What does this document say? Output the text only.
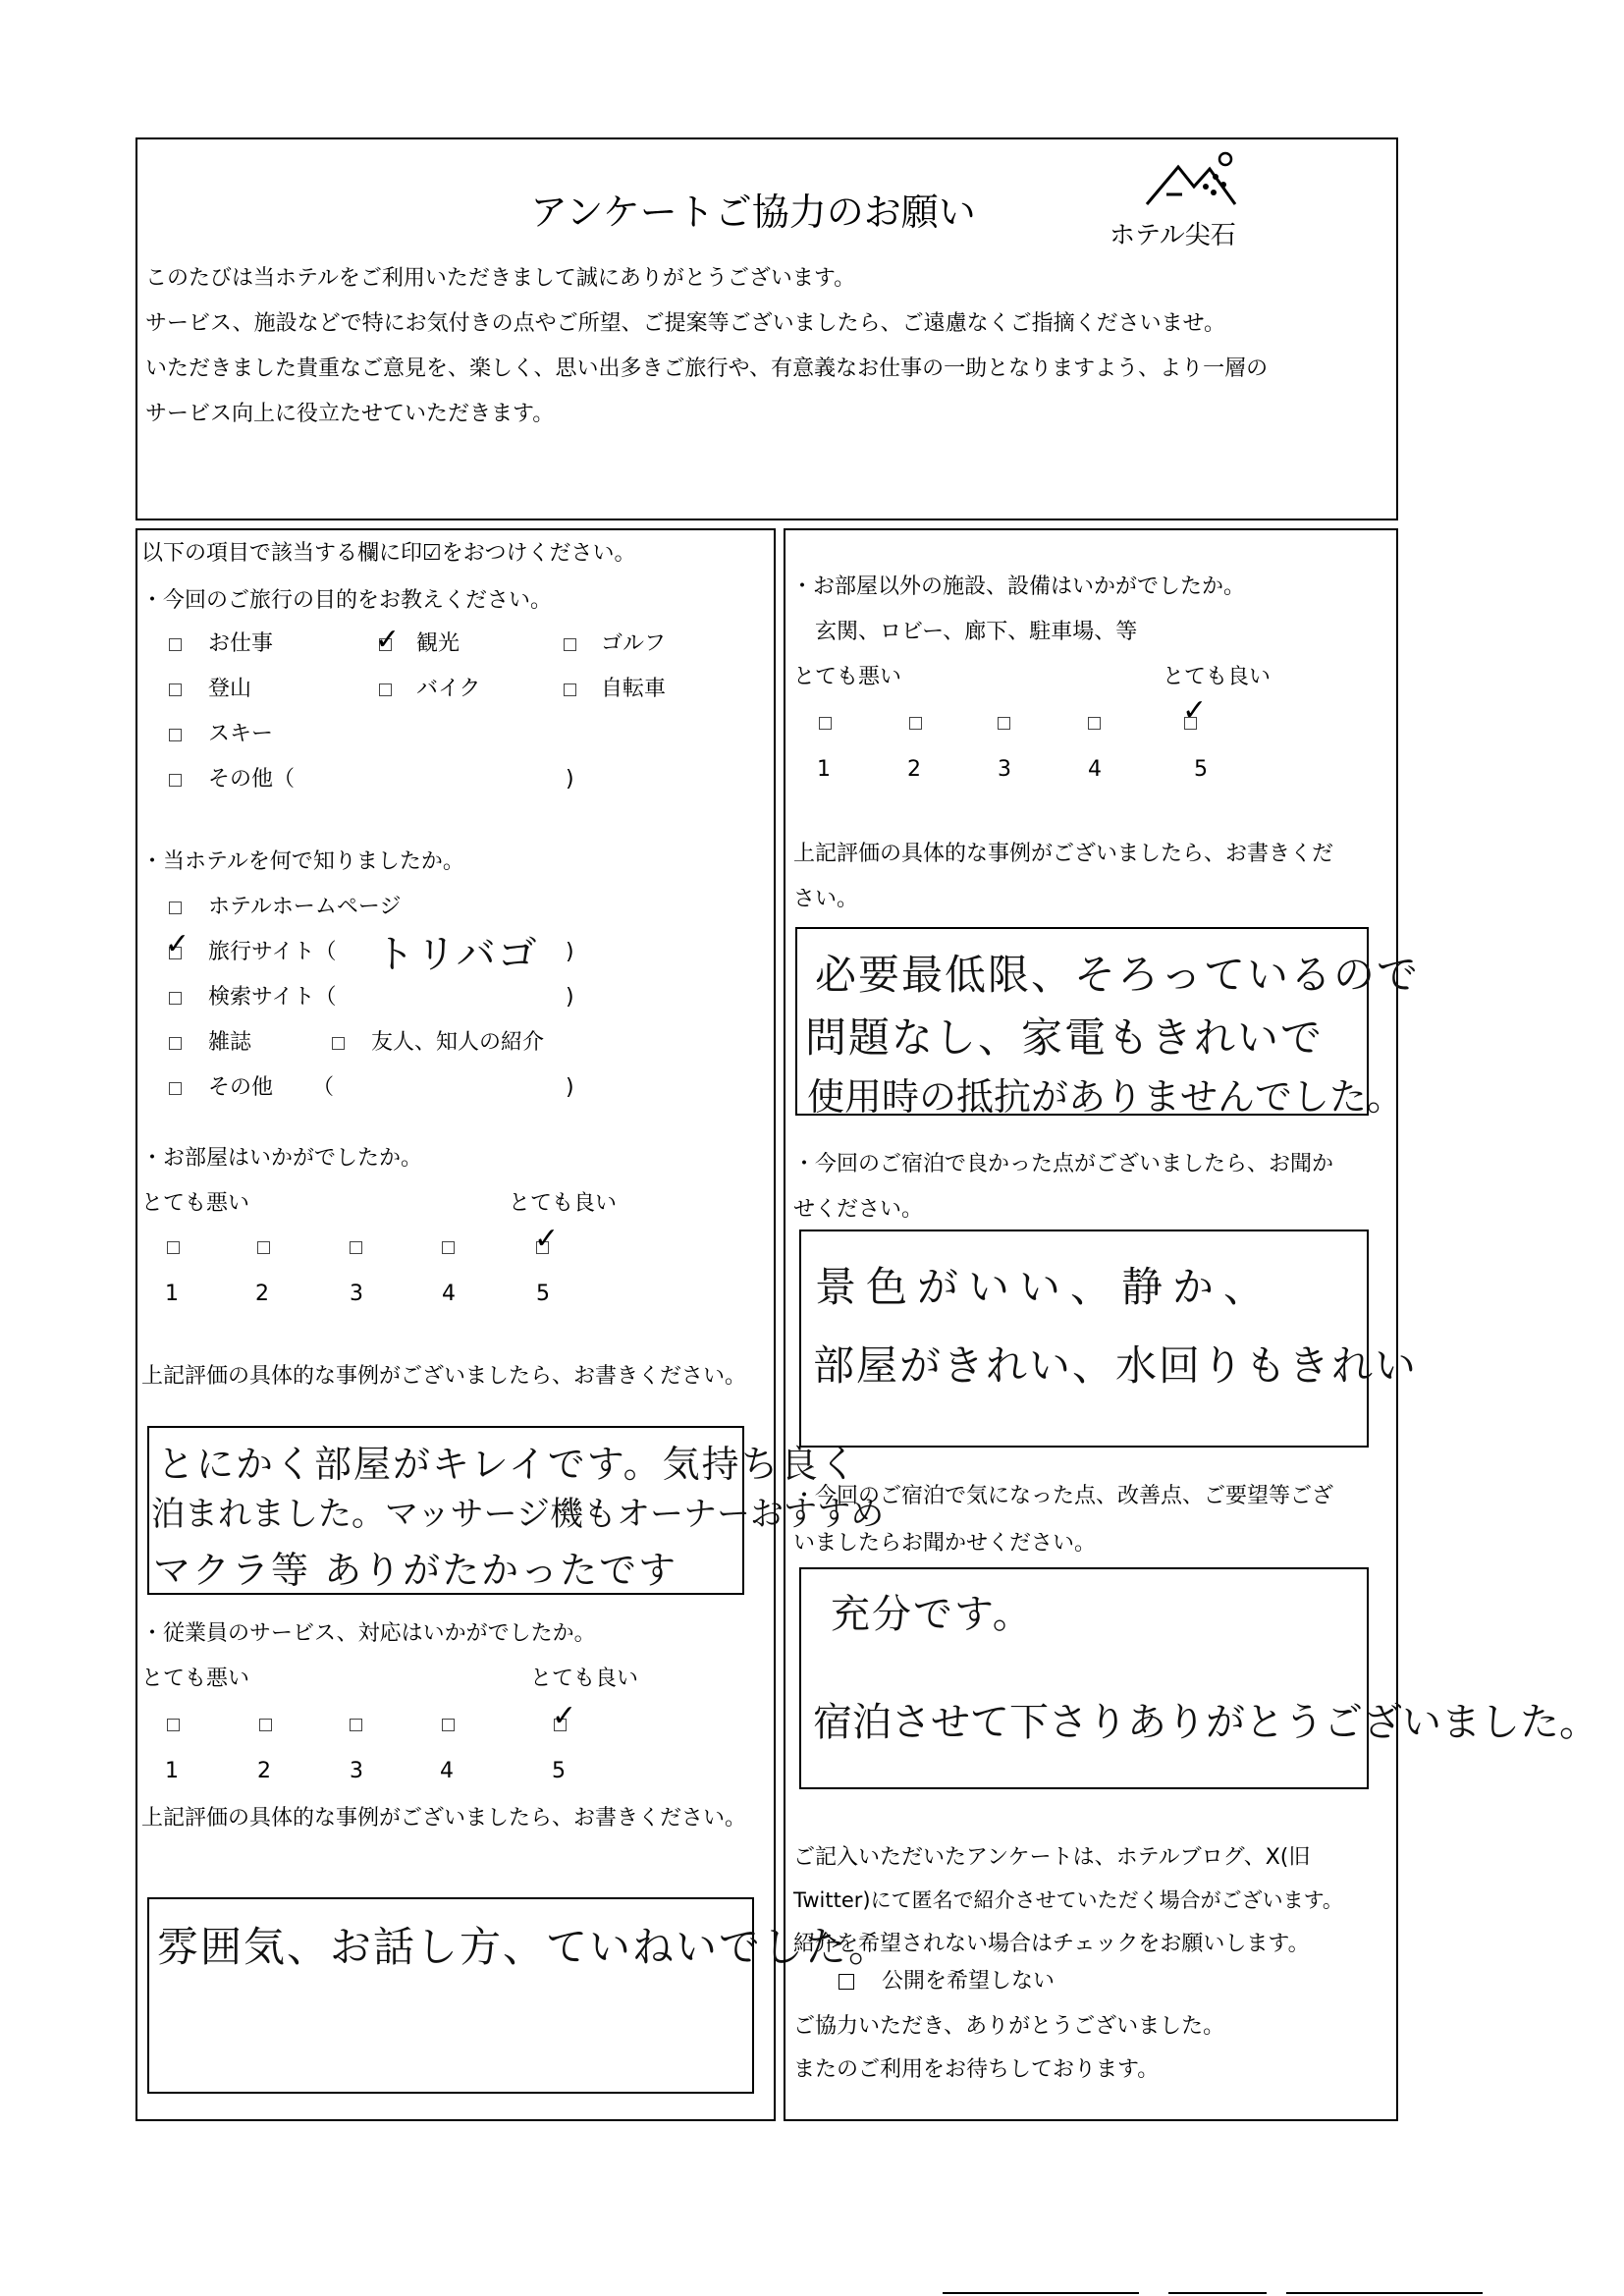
アンケートご協力のお願い
ホテル尖石
このたびは当ホテルをご利用いただきまして誠にありがとうございます。
サービス、施設などで特にお気付きの点やご所望、ご提案等ございましたら、ご遠慮なくご指摘くださいませ。
いただきました貴重なご意見を、楽しく、思い出多きご旅行や、有意義なお仕事の一助となりますよう、より一層の
サービス向上に役立たせていただきます。
以下の項目で該当する欄に印☑をおつけください。
・今回のご旅行の目的をお教えください。
お仕事	✓ 観光	ゴルフ
登山	バイク	自転車
スキー
その他（	)
・当ホテルを何で知りましたか。
ホテルホームページ
✓ 旅行サイト（ トリバゴ )
検索サイト（	)
雑誌	友人、知人の紹介
その他 （	)
・お部屋はいかがでしたか。
とても悪い	とても良い
✓
1	2	3	4	5
上記評価の具体的な事例がございましたら、お書きください。
とにかく部屋がキレイです。気持ち良く
泊まれました。マッサージ機もオーナーおすすめ
マクラ等 ありがたかったです
・従業員のサービス、対応はいかがでしたか。
とても悪い	とても良い
✓
1	2	3	4	5
上記評価の具体的な事例がございましたら、お書きください。
雰囲気、お話し方、ていねいでした。
・お部屋以外の施設、設備はいかがでしたか。
玄関、ロビー、廊下、駐車場、等
とても悪い	とても良い
✓
1	2	3	4	5
上記評価の具体的な事例がございましたら、お書きくだ
さい。
必要最低限、そろっているので
問題なし、家電もきれいで
使用時の抵抗がありませんでした。
・今回のご宿泊で良かった点がございましたら、お聞か
せください。
景色がいい、静か、
部屋がきれい、水回りもきれい
・今回のご宿泊で気になった点、改善点、ご要望等ござ
いましたらお聞かせください。
充分です。
宿泊させて下さりありがとうございました。
ご記入いただいたアンケートは、ホテルブログ、X(旧
Twitter)にて匿名で紹介させていただく場合がございます。
紹介を希望されない場合はチェックをお願いします。
公開を希望しない
ご協力いただき、ありがとうございました。
またのご利用をお待ちしております。
